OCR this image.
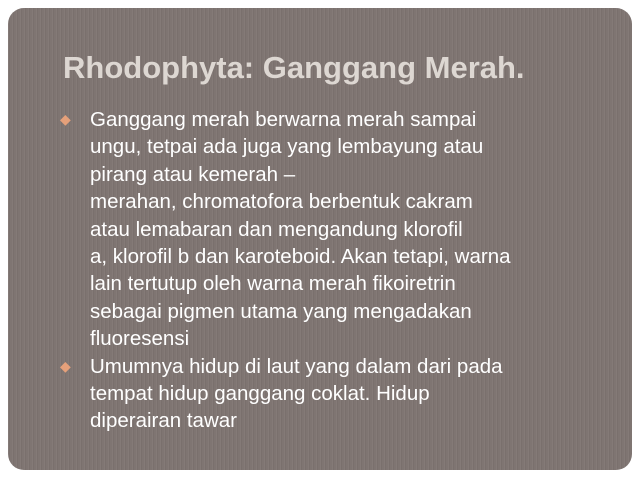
Rhodophyta: Ganggang Merah.
◆ Ganggang merah berwarna merah sampai
ungu, tetpai ada juga yang lembayung atau
pirang atau kemerah –
merahan, chromatofora berbentuk cakram
atau lemabaran dan mengandung klorofil
a, klorofil b dan karoteboid. Akan tetapi, warna
lain tertutup oleh warna merah fikoiretrin
sebagai pigmen utama yang mengadakan
fluoresensi
◆ Umumnya hidup di laut yang dalam dari pada
tempat hidup ganggang coklat. Hidup
diperairan tawar
